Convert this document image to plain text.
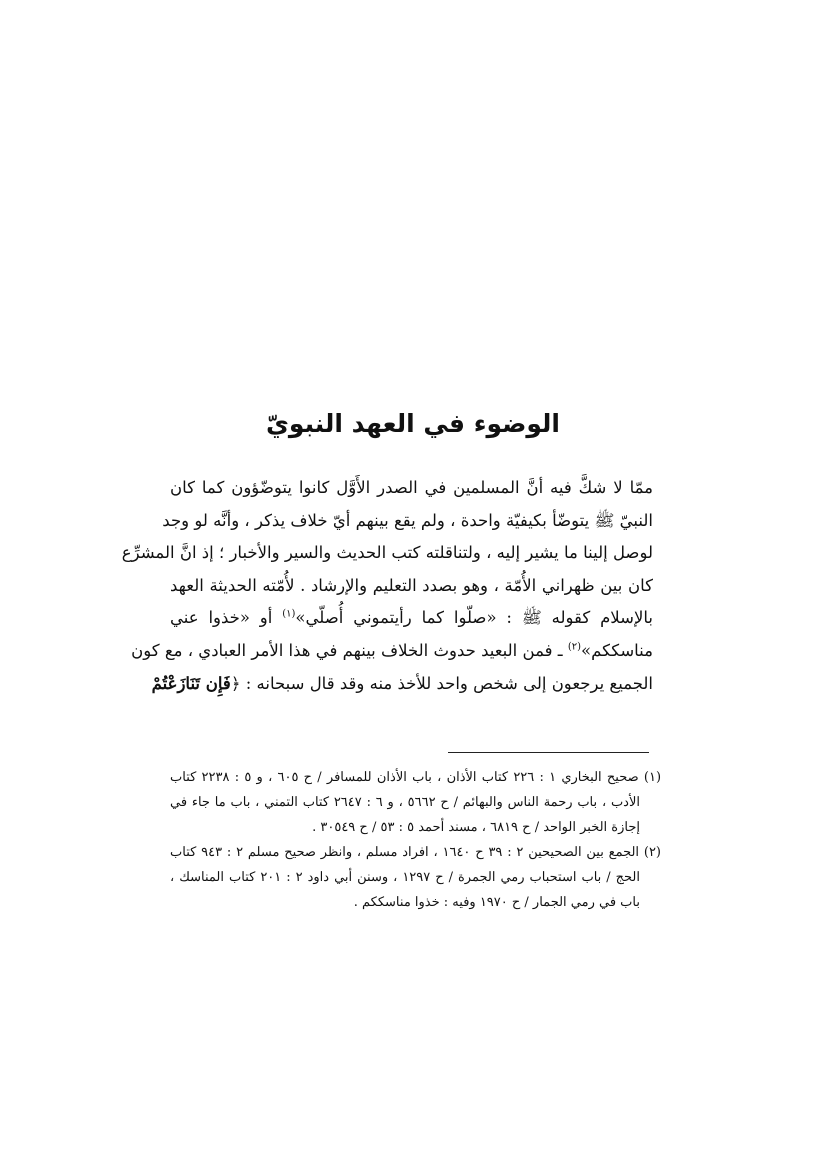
الوضوء في العهد النبويّ
ممّا لا شكَّ فيه أنَّ المسلمين في الصدر الأَوَّل كانوا يتوضّؤون كما كان
النبيّ ﷺ يتوضّأ بكيفيّة واحدة ، ولم يقع بينهم أيّ خلاف يذكر ، وأنَّه لو وجد
لوصل إلينا ما يشير إليه ، ولتناقلته كتب الحديث والسير والأخبار ؛ إذ انَّ المشرِّع
كان بين ظهراني الأُمّة ، وهو بصدد التعليم والإرشاد . لأُمّته الحديثة العهد
بالإسلام كقوله ﷺ : «صلّوا كما رأيتموني أُصلّي»$^{(١)}$ أو «خذوا عني
مناسككم»$^{(٢)}$ ـ فمن البعيد حدوث الخلاف بينهم في هذا الأمر العبادي ، مع كون
الجميع يرجعون إلى شخص واحد للأخذ منه وقد قال سبحانه : ﴿فَإِن تَنَازَعْتُمْ
(١) صحيح البخاري ١ : ٢٢٦ كتاب الأذان ، باب الأذان للمسافر / ح ٦٠٥ ، و ٥ : ٢٢٣٨ كتاب
الأدب ، باب رحمة الناس والبهائم / ح ٥٦٦٢ ، و ٦ : ٢٦٤٧ كتاب التمني ، باب ما جاء في
إجازة الخبر الواحد / ح ٦٨١٩ ، مسند أحمد ٥ : ٥٣ / ح ٣٠٥٤٩ .
(٢) الجمع بين الصحيحين ٢ : ٣٩ ح ١٦٤٠ ، افراد مسلم ، وانظر صحيح مسلم ٢ : ٩٤٣ كتاب
الحج / باب استحباب رمي الجمرة / ح ١٢٩٧ ، وسنن أبي داود ٢ : ٢٠١ كتاب المناسك ،
باب في رمي الجمار / ح ١٩٧٠ وفيه : خذوا مناسككم .
